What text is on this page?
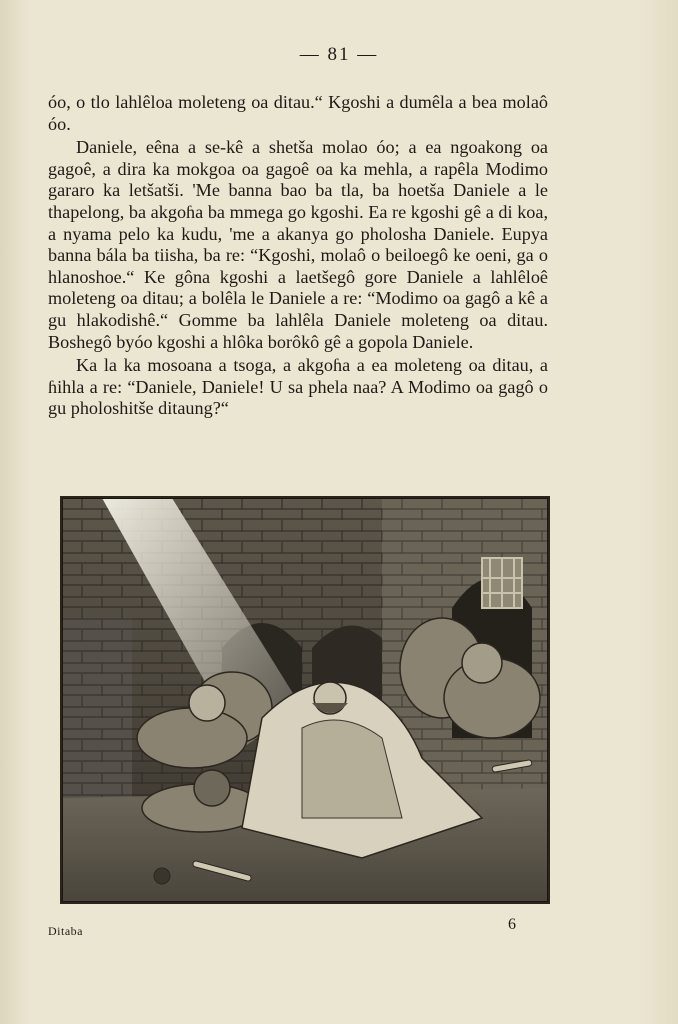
— 81 —

óo, o tlo lahlêloa moleteng oa ditau.“ Kgoshi a dumêla a bea molaô óo.

Daniele, eêna a se-kê a shetša molao óo; a ea ngoakong oa gagoê, a dira ka mokgoa oa gagoê oa ka mehla, a rapêla Modimo gararo ka letšatši. 'Me banna bao ba tla, ba hoetša Daniele a le thapelong, ba akgoɦa ba mmega go kgoshi. Ea re kgoshi gê a di koa, a nyama pelo ka kudu, 'me a akanya go pholosha Daniele. Eupya banna bála ba tiisha, ba re: “Kgoshi, molaô o beiloegô ke oeni, ga o hlanoshoe.“ Ke gôna kgoshi a laetšegô gore Daniele a lahlêloê moleteng oa ditau; a bolêla le Daniele a re: “Modimo oa gagô a kê a gu hlakodishê.“ Gomme ba lahlêla Daniele moleteng oa ditau. Boshegô byóo kgoshi a hlôka borôkô gê a gopola Daniele.

Ka la ka mosoana a tsoga, a akgoɦa a ea moleteng oa ditau, a ɦihla a re: “Daniele, Daniele! U sa phela naa? A Modimo oa gagô o gu pholoshitše ditaung?“

Ditaba	6
